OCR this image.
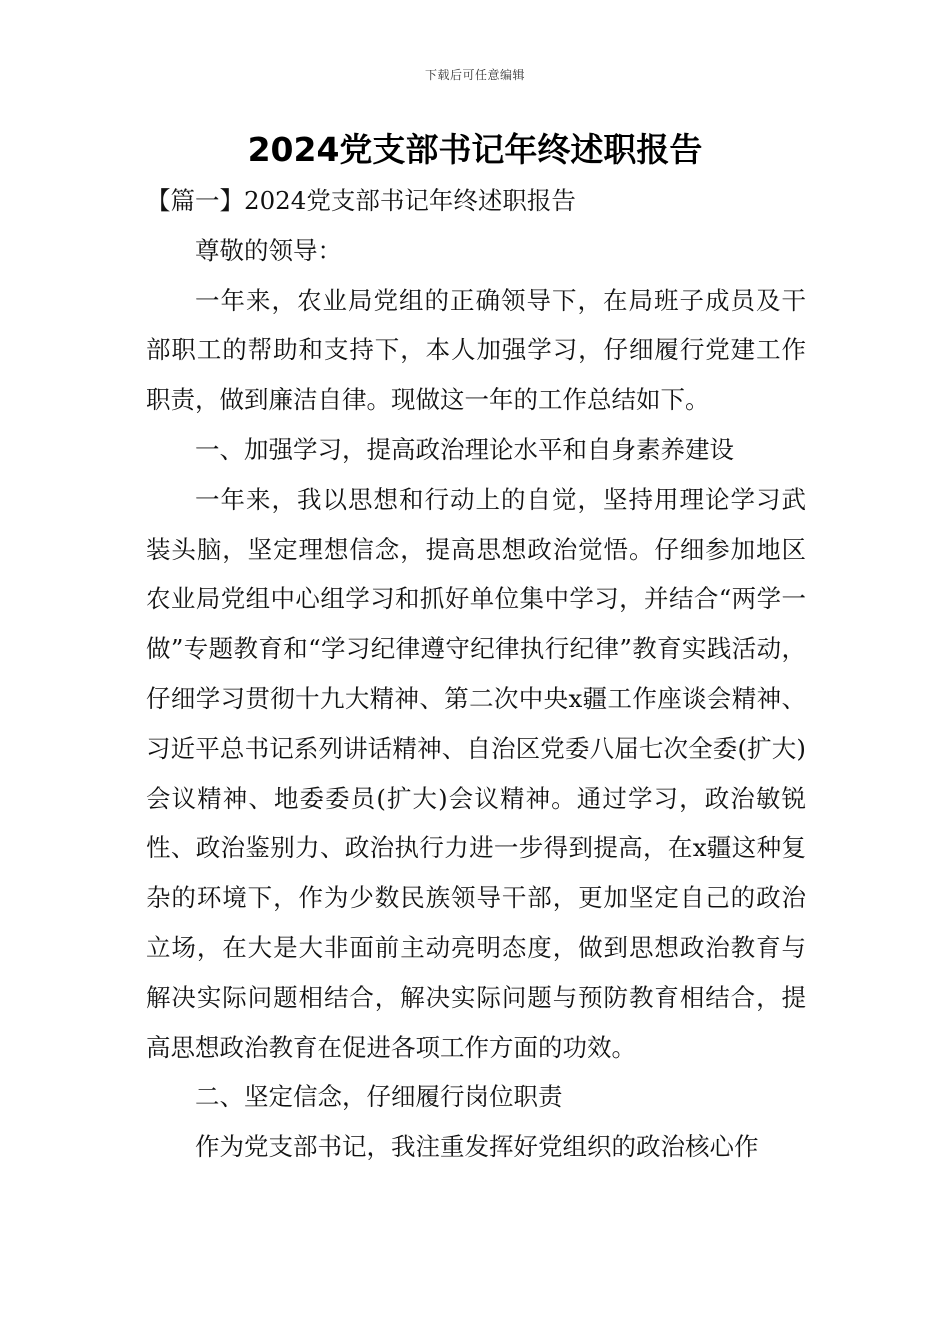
下载后可任意编辑
2024党支部书记年终述职报告

【篇一】2024党支部书记年终述职报告

尊敬的领导：

一年来，农业局党组的正确领导下，在局班子成员及干部职工的帮助和支持下，本人加强学习，仔细履行党建工作职责，做到廉洁自律。现做这一年的工作总结如下。

一、加强学习，提高政治理论水平和自身素养建设

一年来，我以思想和行动上的自觉，坚持用理论学习武装头脑，坚定理想信念，提高思想政治觉悟。仔细参加地区农业局党组中心组学习和抓好单位集中学习，并结合“两学一做”专题教育和“学习纪律遵守纪律执行纪律”教育实践活动，仔细学习贯彻十九大精神、第二次中央x疆工作座谈会精神、习近平总书记系列讲话精神、自治区党委八届七次全委(扩大)会议精神、地委委员(扩大)会议精神。通过学习，政治敏锐性、政治鉴别力、政治执行力进一步得到提高，在x疆这种复杂的环境下，作为少数民族领导干部，更加坚定自己的政治立场，在大是大非面前主动亮明态度，做到思想政治教育与解决实际问题相结合，解决实际问题与预防教育相结合，提高思想政治教育在促进各项工作方面的功效。

二、坚定信念，仔细履行岗位职责

作为党支部书记，我注重发挥好党组织的政治核心作
